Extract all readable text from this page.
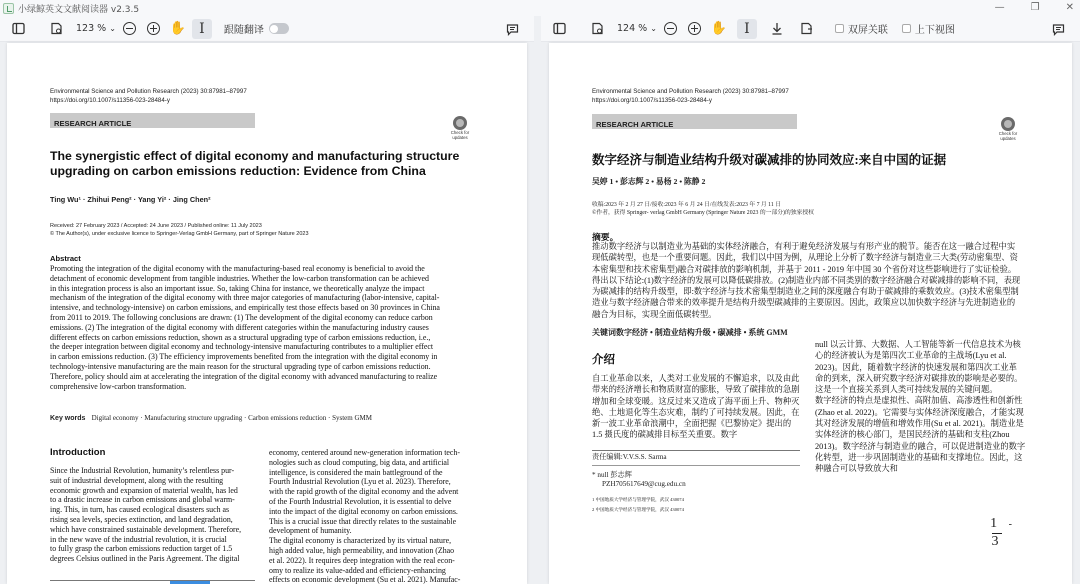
小绿鲸英文文献阅读器 v2.3.5	—	❐	✕
123 % ⌄	✋ I 跟随翻译
Environmental Science and Pollution Research (2023) 30:87981–87997
https://doi.org/10.1007/s11356-023-28484-y
RESEARCH ARTICLE
Check for updates
The synergistic effect of digital economy and manufacturing structure
upgrading on carbon emissions reduction: Evidence from China
Ting Wu¹ · Zhihui Peng² · Yang Yi² · Jing Chen²
Received: 27 February 2023 / Accepted: 24 June 2023 / Published online: 11 July 2023
© The Author(s), under exclusive licence to Springer-Verlag GmbH Germany, part of Springer Nature 2023
Abstract
Promoting the integration of the digital economy with the manufacturing-based real economy is beneficial to avoid the
detachment of economic development from tangible industries. Whether the low-carbon transformation can be achieved
in this integration process is also an important issue. So, taking China for instance, we theoretically analyze the impact
mechanism of the integration of the digital economy with three major categories of manufacturing (labor-intensive, capital-
intensive, and technology-intensive) on carbon emissions, and empirically test those effects based on 30 provinces in China
from 2011 to 2019. The following conclusions are drawn: (1) The development of the digital economy can reduce carbon
emissions. (2) The integration of the digital economy with different categories within the manufacturing industry causes
different effects on carbon emissions reduction, shown as a structural upgrading type of carbon emissions reduction, i.e.,
the deeper integration between digital economy and technology-intensive manufacturing contributes to a multiplier effect
in carbon emissions reduction. (3) The efficiency improvements benefited from the integration with the digital economy in
technology-intensive manufacturing are the main reason for the structural upgrading type of carbon emissions reduction.
Therefore, policy should aim at accelerating the integration of the digital economy with advanced manufacturing to realize
comprehensive low-carbon transformation.
Key words Digital economy · Manufacturing structure upgrading · Carbon emissions reduction · System GMM
Introduction
Since the Industrial Revolution, humanity’s relentless pur-
suit of industrial development, along with the resulting
economic growth and expansion of material wealth, has led
to a drastic increase in carbon emissions and global warm-
ing. This, in turn, has caused ecological disasters such as
rising sea levels, species extinction, and land degradation,
which have constrained sustainable development. Therefore,
in the new wave of the industrial revolution, it is crucial
to fully grasp the carbon emissions reduction target of 1.5
degrees Celsius outlined in the Paris Agreement. The digital
economy, centered around new-generation information tech-
nologies such as cloud computing, big data, and artificial
intelligence, is considered the main battleground of the
Fourth Industrial Revolution (Lyu et al. 2023). Therefore,
with the rapid growth of the digital economy and the advent
of the Fourth Industrial Revolution, it is essential to delve
into the impact of the digital economy on carbon emissions.
This is a crucial issue that directly relates to the sustainable
development of humanity.
The digital economy is characterized by its virtual nature,
high added value, high permeability, and innovation (Zhao
et al. 2022). It requires deep integration with the real econ-
omy to realize its value-added and efficiency-enhancing
effects on economic development (Su et al. 2021). Manufac-
124 % ⌄	✋ I	双屏关联	上下视图
Environmental Science and Pollution Research (2023) 30:87981–87997
https://doi.org/10.1007/s11356-023-28484-y
RESEARCH ARTICLE
Check for updates
数字经济与制造业结构升级对碳减排的协同效应:来自中国的证据
吴婷 1 • 彭志辉 2 • 易杨 2 • 陈静 2
收稿:2023 年 2 月 27 日/接收:2023 年 6 月 24 日/在线发表:2023 年 7 月 11 日
©作者，获得 Springer- verlag GmbH Germany (Springer Nature 2023 的一部分)的独家授权
摘要。
推动数字经济与以制造业为基础的实体经济融合，有利于避免经济发展与有形产业的脱节。能否在这一融合过程中实
现低碳转型，也是一个重要问题。因此，我们以中国为例，从理论上分析了数字经济与制造业三大类(劳动密集型、资
本密集型和技术密集型)融合对碳排放的影响机制，并基于 2011 - 2019 年中国 30 个省份对这些影响进行了实证检验。
得出以下结论:(1)数字经济的发展可以降低碳排放。(2)制造业内部不同类别的数字经济融合对碳减排的影响不同，表现
为碳减排的结构升级型，即:数字经济与技术密集型制造业之间的深度融合有助于碳减排的乘数效应。(3)技术密集型制
造业与数字经济融合带来的效率提升是结构升级型碳减排的主要原因。因此，政策应以加快数字经济与先进制造业的
融合为目标，实现全面低碳转型。
关键词数字经济 • 制造业结构升级 • 碳减排 • 系统 GMM
介绍
自工业革命以来，人类对工业发展的不懈追求，以及由此
带来的经济增长和物质财富的膨胀，导致了碳排放的急剧
增加和全球变暖。这反过来又造成了海平面上升、物种灭
绝、土地退化等生态灾难，制约了可持续发展。因此，在
新一波工业革命浪潮中，全面把握《巴黎协定》提出的
1.5 摄氏度的碳减排目标至关重要。数字
责任编辑:V.V.S.S. Sarma
* null 彭志辉
PZH705617649@cug.edu.cn
1 中国地质大学经济与管理学院，武汉 430074
2 中国地质大学经济与管理学院，武汉 430074
null 以云计算、大数据、人工智能等新一代信息技术为核
心的经济被认为是第四次工业革命的主战场(Lyu et al.
2023)。因此，随着数字经济的快速发展和第四次工业革
命的到来，深入研究数字经济对碳排放的影响是必要的。
这是一个直接关系到人类可持续发展的关键问题。
数字经济的特点是虚拟性、高附加值、高渗透性和创新性
(Zhao et al. 2022)。它需要与实体经济深度融合，才能实现
其对经济发展的增值和增效作用(Su et al. 2021)。制造业是
实体经济的核心部门，是国民经济的基础和支柱(Zhou
2013)。数字经济与制造业的融合，可以促进制造业的数字
化转型，进一步巩固制造业的基础和支撑地位。因此，这
种融合可以导致放大和
1 -
3
